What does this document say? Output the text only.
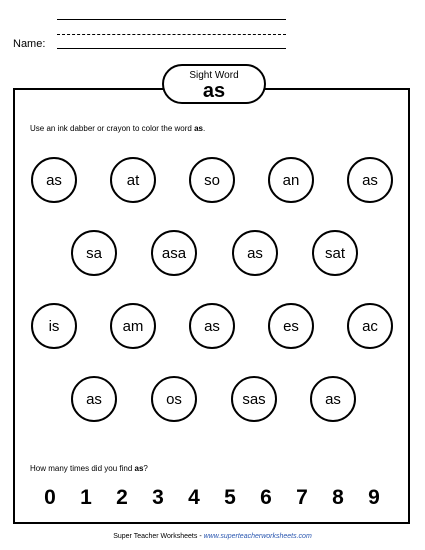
Name:
Sight Word
as
Use an ink dabber or crayon to color the word as.
as	at	so	an	as
sa	asa	as	sat
is	am	as	es	ac
as	os	sas	as
How many times did you find as?
0 1 2 3 4 5 6 7 8 9
Super Teacher Worksheets - www.superteacherworksheets.com
